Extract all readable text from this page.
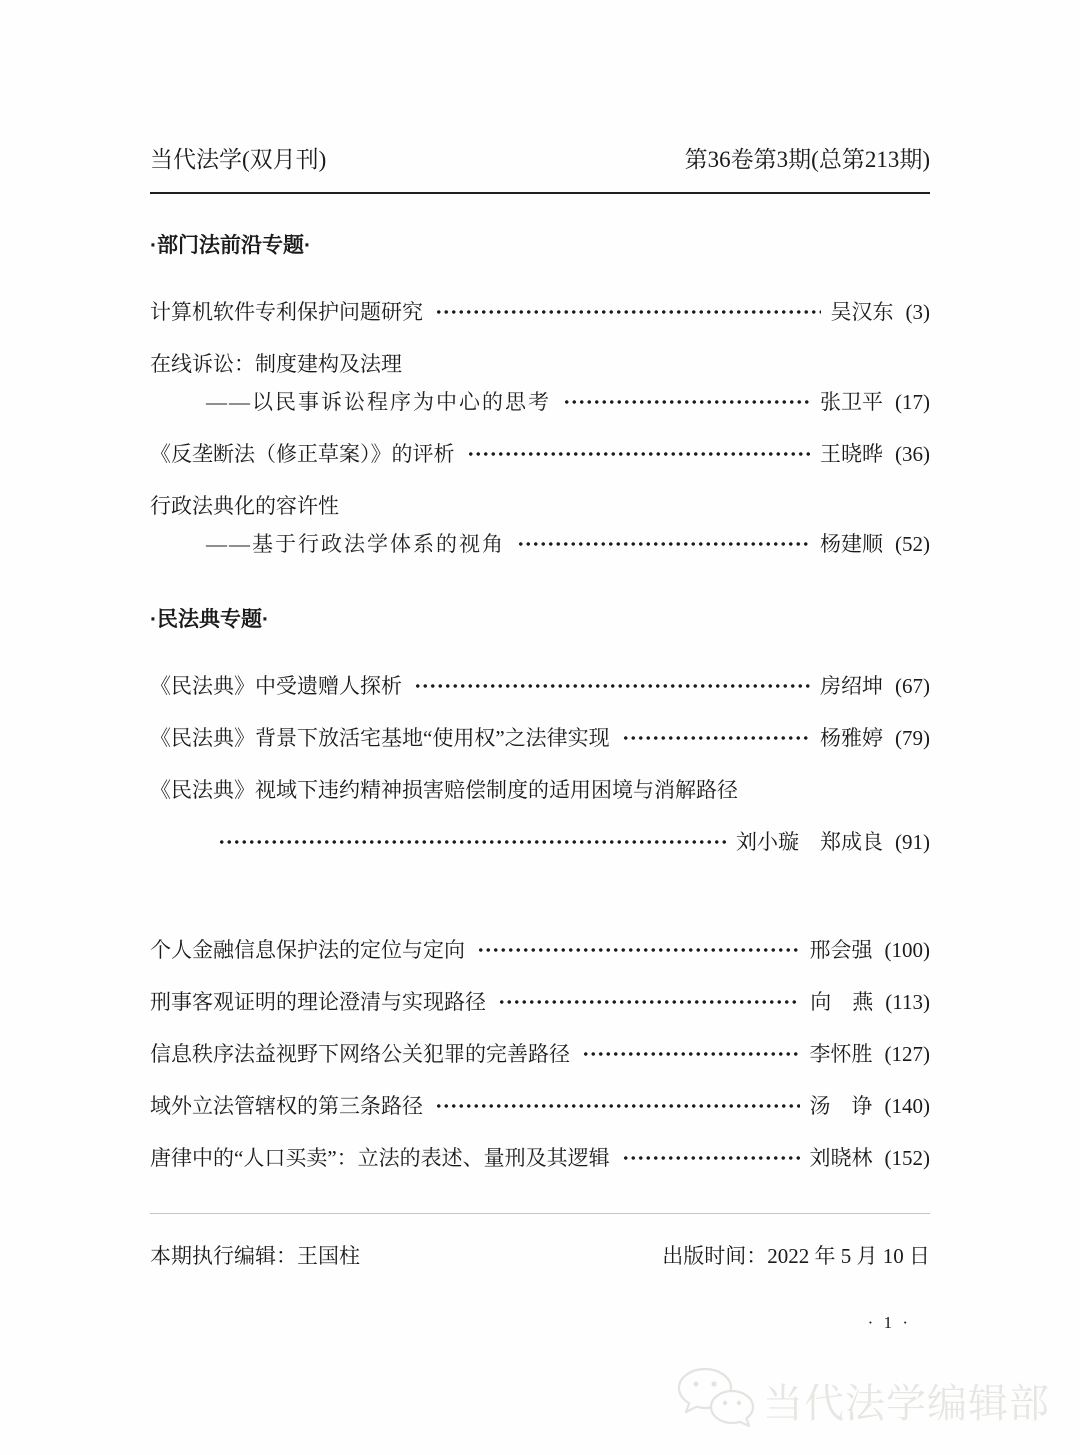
当代法学(双月刊)	第36卷第3期(总第213期)
·部门法前沿专题·
计算机软件专利保护问题研究	吴汉东 (3)
在线诉讼：制度建构及法理
——以民事诉讼程序为中心的思考	张卫平 (17)
《反垄断法（修正草案）》的评析	王晓晔 (36)
行政法典化的容许性
——基于行政法学体系的视角	杨建顺 (52)
·民法典专题·
《民法典》中受遗赠人探析	房绍坤 (67)
《民法典》背景下放活宅基地“使用权”之法律实现	杨雅婷 (79)
《民法典》视域下违约精神损害赔偿制度的适用困境与消解路径
刘小璇　郑成良 (91)
个人金融信息保护法的定位与定向	邢会强 (100)
刑事客观证明的理论澄清与实现路径	向　燕 (113)
信息秩序法益视野下网络公关犯罪的完善路径	李怀胜 (127)
域外立法管辖权的第三条路径	汤　诤 (140)
唐律中的“人口买卖”：立法的表述、量刑及其逻辑	刘晓林 (152)
本期执行编辑：王国柱	出版时间：2022 年 5 月 10 日
· 1 ·
当代法学编辑部
